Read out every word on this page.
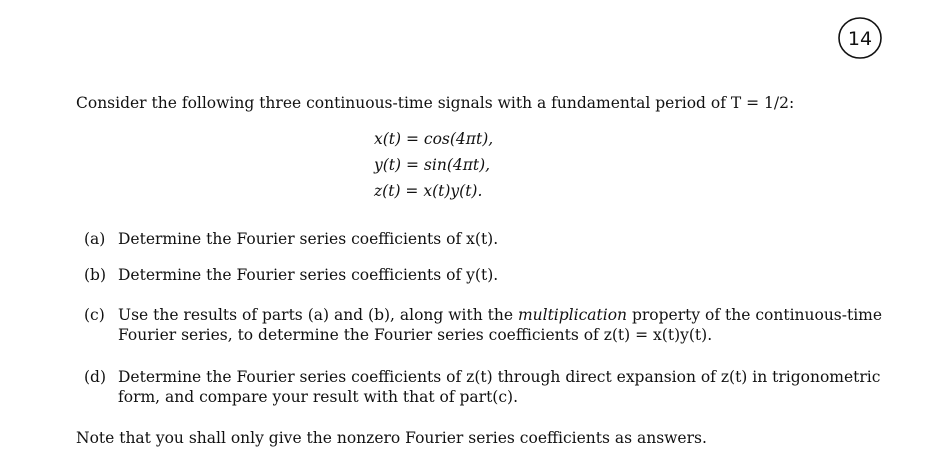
14
Consider the following three continuous-time signals with a fundamental period of T = 1/2:
x(t) = cos(4πt),
y(t) = sin(4πt),
z(t) = x(t)y(t).
(a) Determine the Fourier series coefficients of x(t).
(b) Determine the Fourier series coefficients of y(t).
(c) Use the results of parts (a) and (b), along with the multiplication property of the continuous-time Fourier series, to determine the Fourier series coefficients of z(t) = x(t)y(t).
(d) Determine the Fourier series coefficients of z(t) through direct expansion of z(t) in trigonometric form, and compare your result with that of part(c).
Note that you shall only give the nonzero Fourier series coefficients as answers.
